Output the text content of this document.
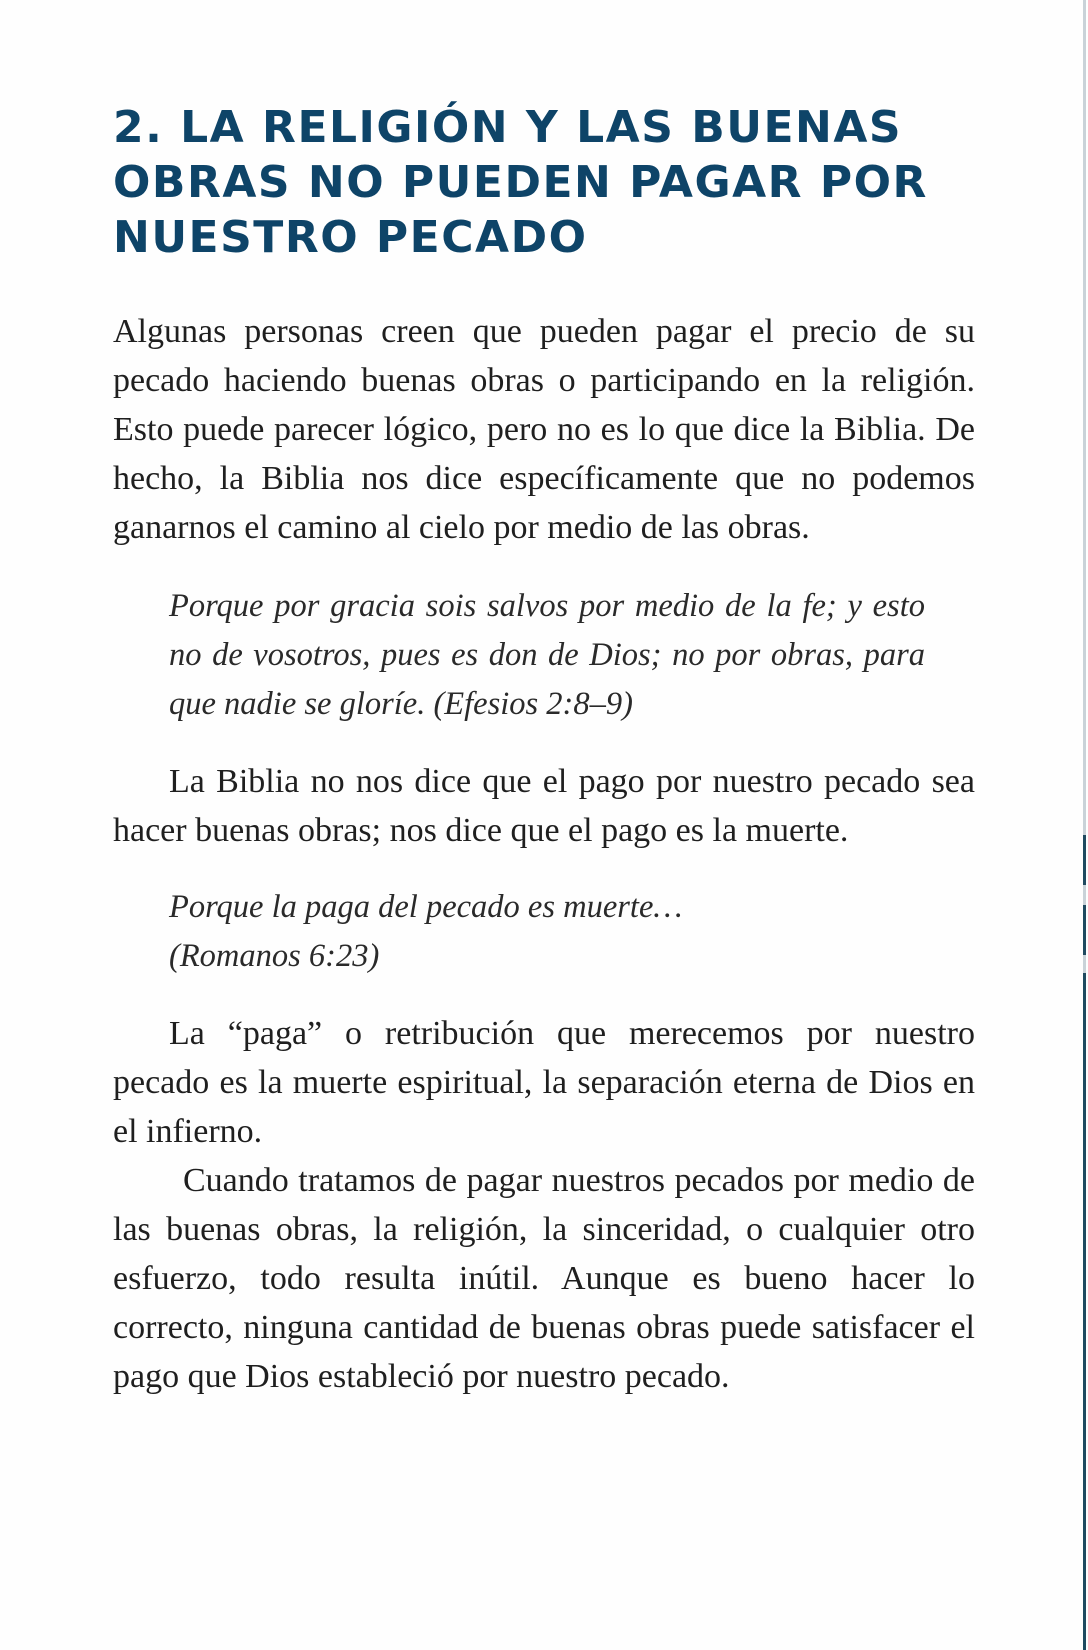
2. LA RELIGIÓN Y LAS BUENAS OBRAS NO PUEDEN PAGAR POR NUESTRO PECADO

Algunas personas creen que pueden pagar el precio de su pecado haciendo buenas obras o participando en la religión. Esto puede parecer lógico, pero no es lo que dice la Biblia. De hecho, la Biblia nos dice específicamente que no podemos ganarnos el camino al cielo por medio de las obras.

Porque por gracia sois salvos por medio de la fe; y esto no de vosotros, pues es don de Dios; no por obras, para que nadie se gloríe. (Efesios 2:8–9)

La Biblia no nos dice que el pago por nuestro pecado sea hacer buenas obras; nos dice que el pago es la muerte.

Porque la paga del pecado es muerte…
(Romanos 6:23)

La “paga” o retribución que merecemos por nuestro pecado es la muerte espiritual, la separación eterna de Dios en el infierno.

Cuando tratamos de pagar nuestros pecados por medio de las buenas obras, la religión, la sinceridad, o cualquier otro esfuerzo, todo resulta inútil. Aunque es bueno hacer lo correcto, ninguna cantidad de buenas obras puede satisfacer el pago que Dios estableció por nuestro pecado.
